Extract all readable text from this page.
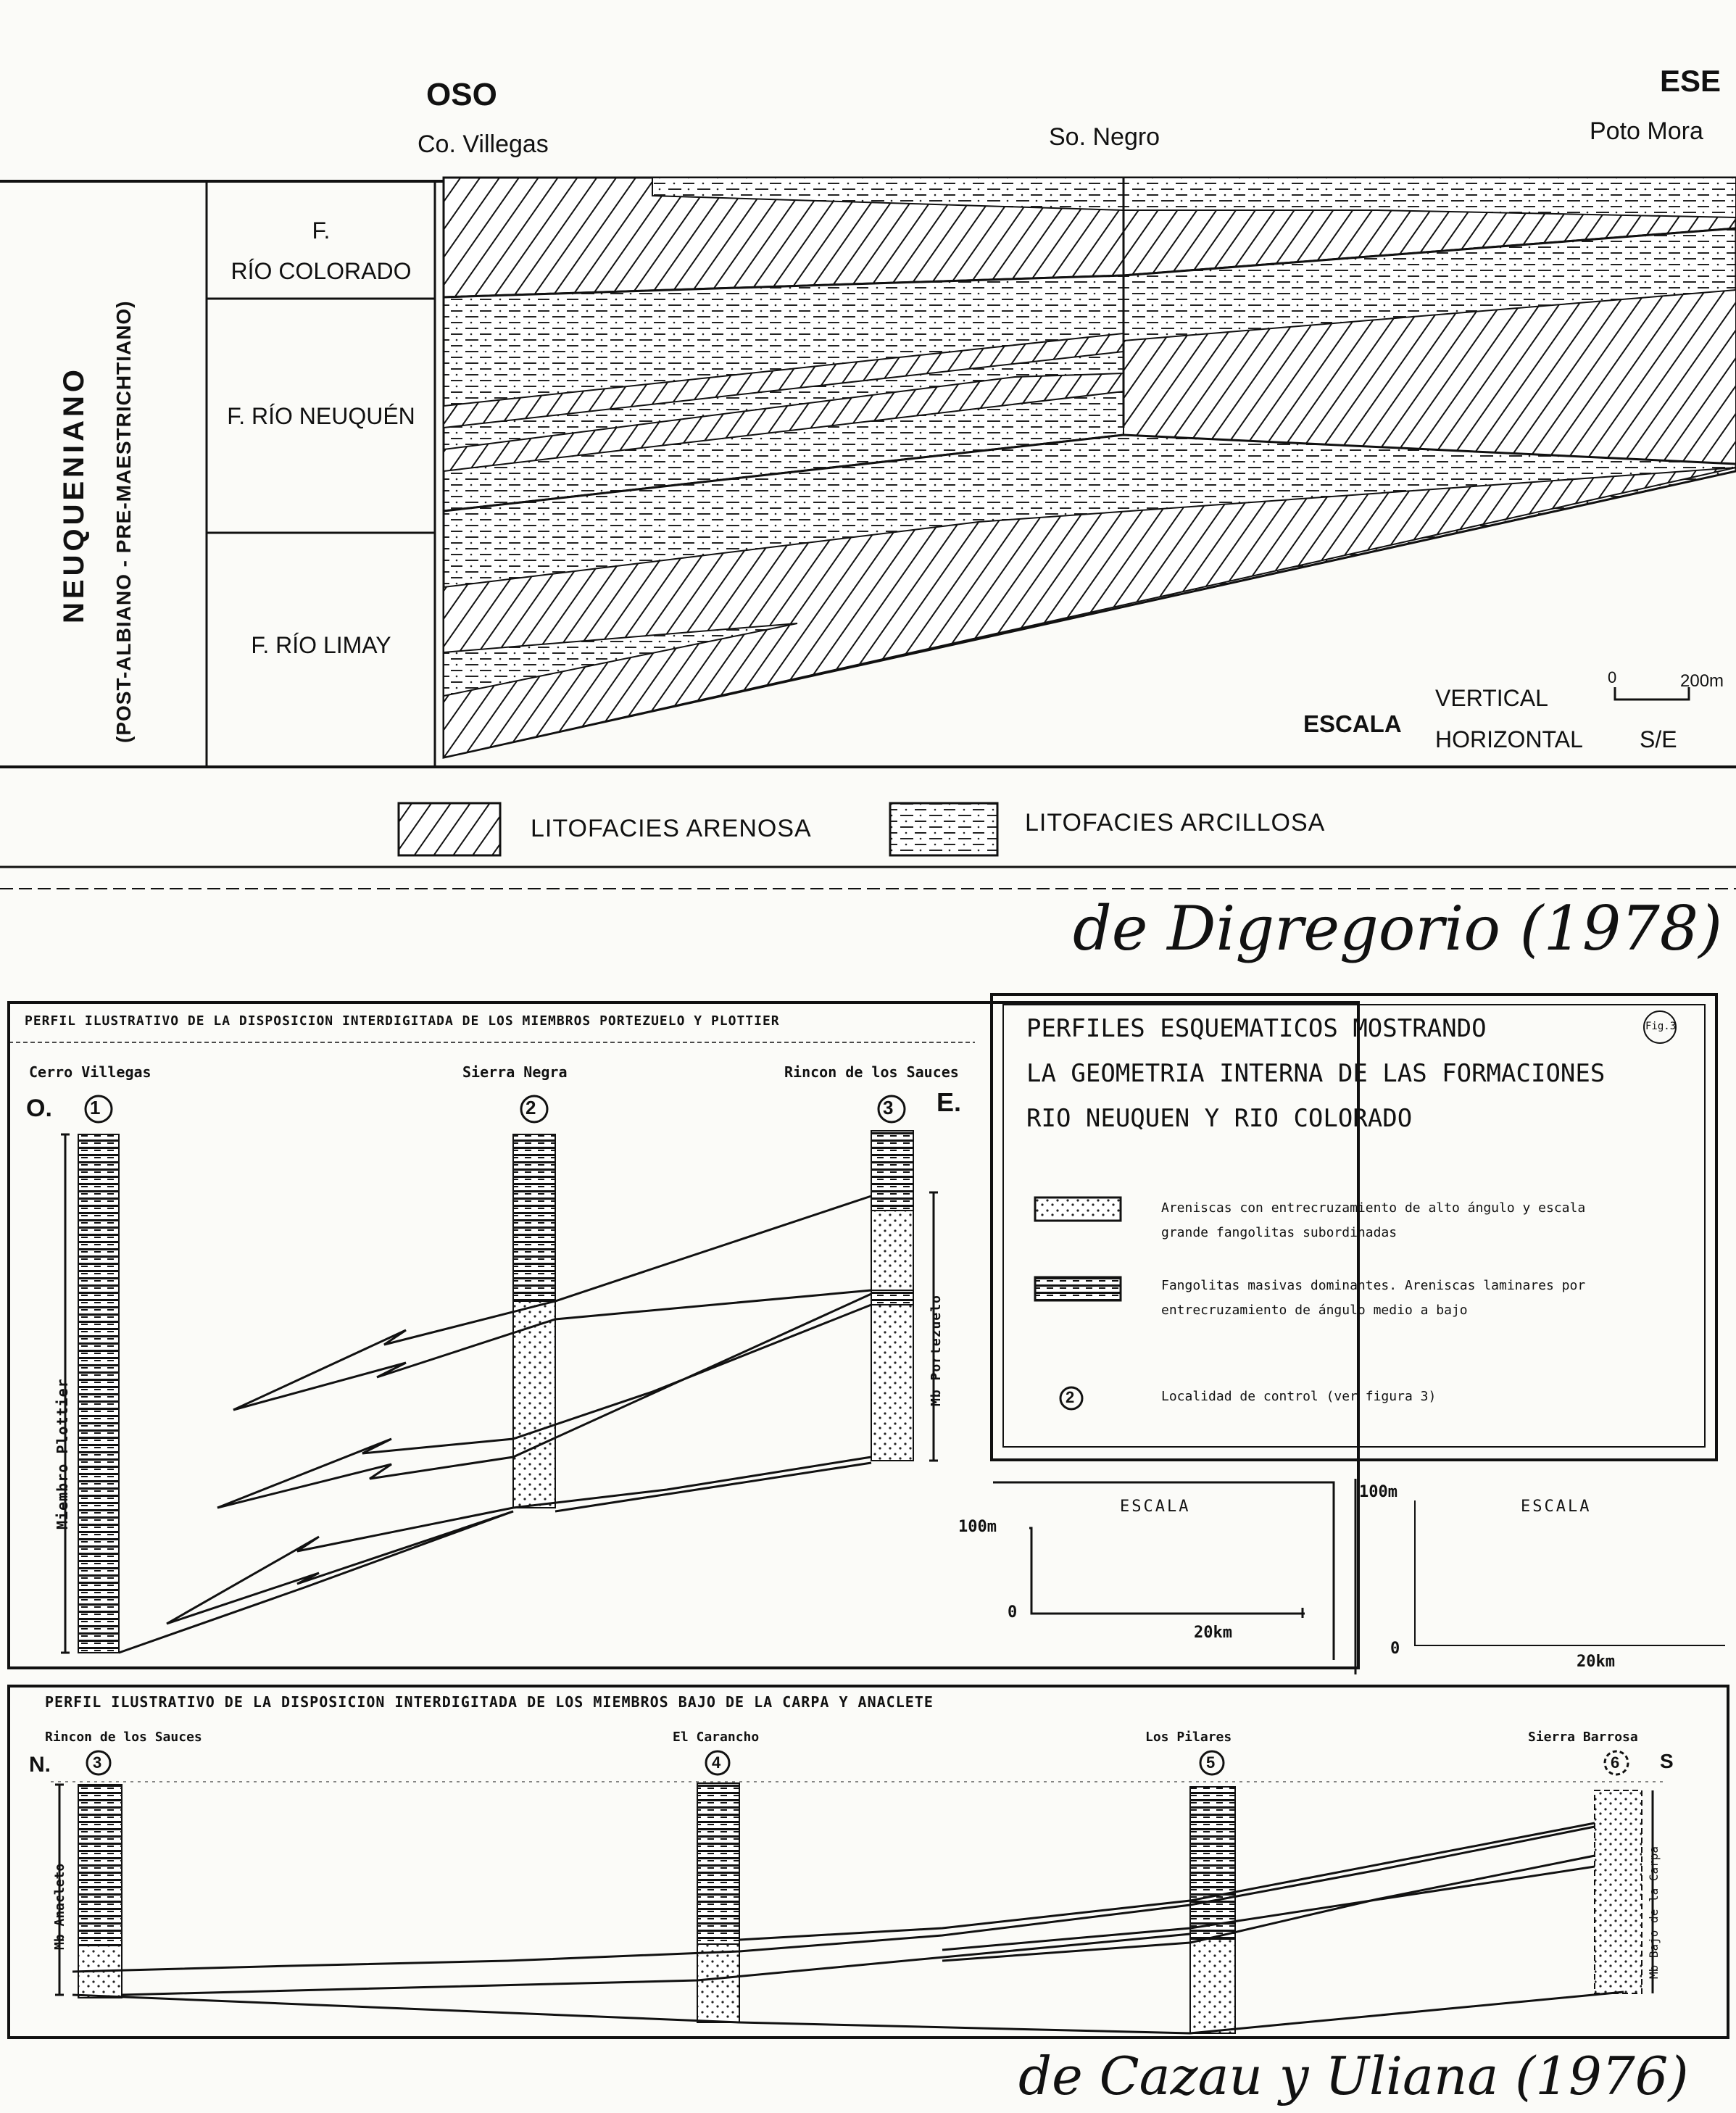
OSO	ESE
Co. Villegas	So. Negro	Poto Mora
NEUQUENIANO (POST-ALBIANO - PRE-MAESTRICHTIANO)
F.
RÍO COLORADO
F. RÍO NEUQUÉN
F. RÍO LIMAY
ESCALA
VERTICAL
HORIZONTAL S/E
0	200m
LITOFACIES ARENOSA	LITOFACIES ARCILLOSA
de Digregorio (1978)
PERFIL ILUSTRATIVO DE LA DISPOSICION INTERDIGITADA DE LOS MIEMBROS PORTEZUELO Y PLOTTIER
Cerro Villegas	Sierra Negra	Rincon de los Sauces
O.	E.
1	2	3
Miembro Plottier
Mb Portezuelo
PERFILES ESQUEMATICOS MOSTRANDO
LA GEOMETRIA INTERNA DE LAS FORMACIONES
RIO NEUQUEN Y RIO COLORADO
Fig.3
Areniscas con entrecruzamiento de alto ángulo y escala
grande fangolitas subordinadas
Fangolitas masivas dominantes. Areniscas laminares por
entrecruzamiento de ángulo medio a bajo
Localidad de control (ver figura 3)
2
ESCALA
100m
0
20km
ESCALA
100m
0
20km
PERFIL ILUSTRATIVO DE LA DISPOSICION INTERDIGITADA DE LOS MIEMBROS BAJO DE LA CARPA Y ANACLETE
Rincon de los Sauces	El Carancho	Los Pilares	Sierra Barrosa
N.	S
3	4	5	6
Mb Anacleto	Mb Bajo de la Carpa
de Cazau y Uliana (1976)
